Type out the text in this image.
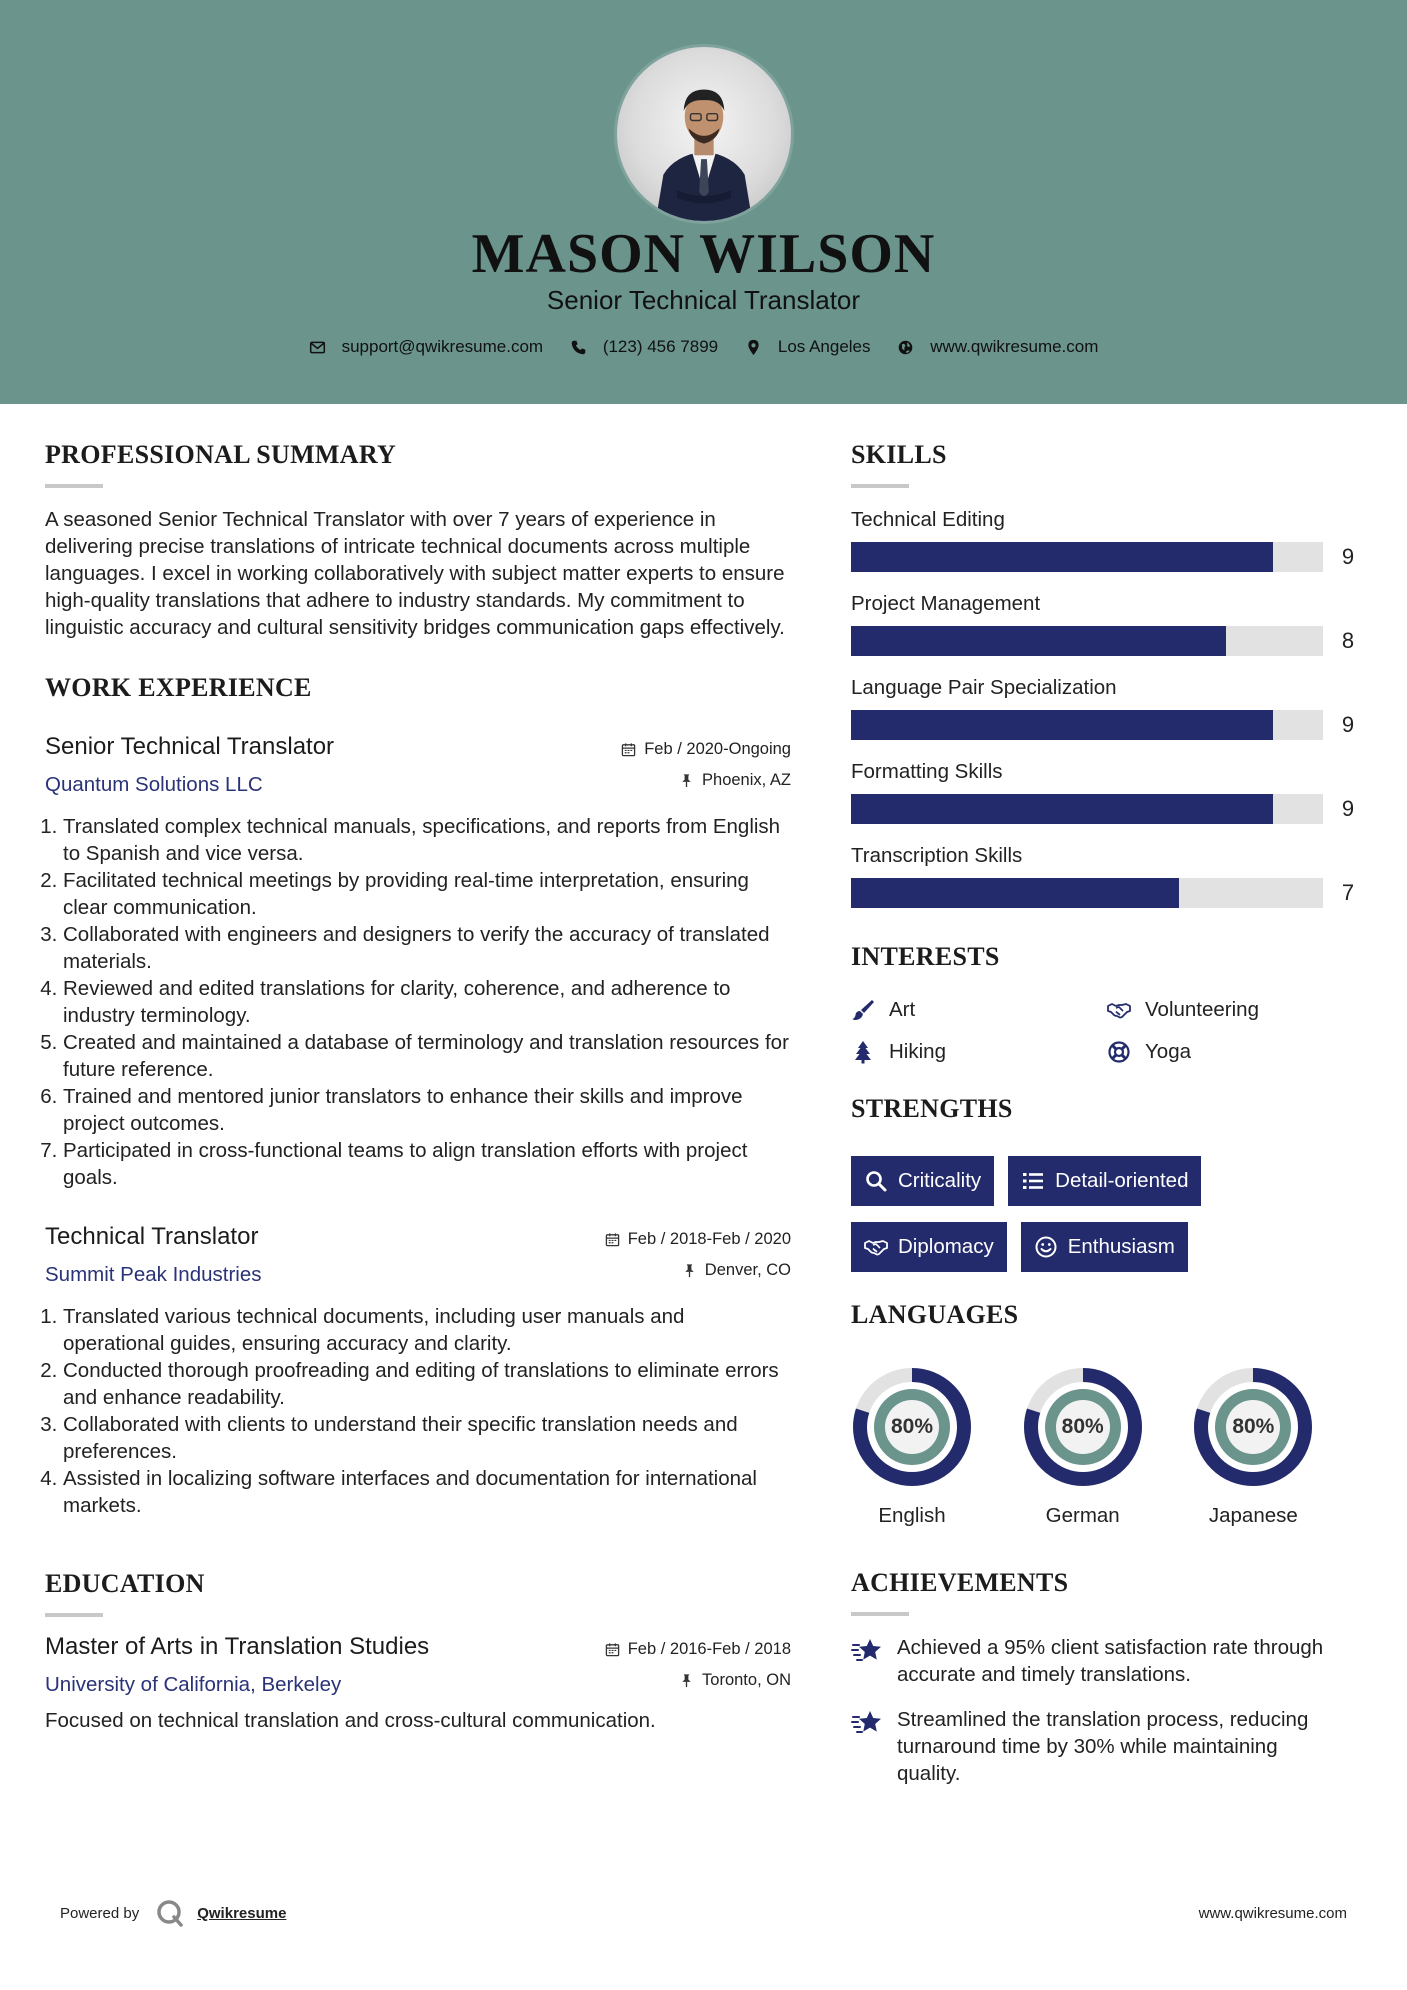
MASON WILSON
Senior Technical Translator
support@qwikresume.com
	(123) 456 7899
	Los Angeles
	www.qwikresume.com
PROFESSIONAL SUMMARY

A seasoned Senior Technical Translator with over 7 years of experience in delivering precise translations of intricate technical documents across multiple languages. I excel in working collaboratively with subject matter experts to ensure high-quality translations that adhere to industry standards. My commitment to linguistic accuracy and cultural sensitivity bridges communication gaps effectively.

WORK EXPERIENCE
Senior Technical Translator
Quantum Solutions LLC
Feb / 2020-Ongoing
Phoenix, AZ
1. Translated complex technical manuals, specifications, and reports from English to Spanish and vice versa.
2. Facilitated technical meetings by providing real-time interpretation, ensuring clear communication.
3. Collaborated with engineers and designers to verify the accuracy of translated materials.
4. Reviewed and edited translations for clarity, coherence, and adherence to industry terminology.
5. Created and maintained a database of terminology and translation resources for future reference.
6. Trained and mentored junior translators to enhance their skills and improve project outcomes.
7. Participated in cross-functional teams to align translation efforts with project goals.
Technical Translator
Summit Peak Industries
Feb / 2018-Feb / 2020
Denver, CO
1. Translated various technical documents, including user manuals and operational guides, ensuring accuracy and clarity.
2. Conducted thorough proofreading and editing of translations to eliminate errors and enhance readability.
3. Collaborated with clients to understand their specific translation needs and preferences.
4. Assisted in localizing software interfaces and documentation for international markets.
EDUCATION
Master of Arts in Translation Studies
University of California, Berkeley
Feb / 2016-Feb / 2018
Toronto, ON

Focused on technical translation and cross-cultural communication.

SKILLS
Technical Editing
9
Project Management
8
Language Pair Specialization
9
Formatting Skills
9
Transcription Skills
7
INTERESTS
Art	Volunteering
Hiking	Yoga
STRENGTHS
Criticality	Detail-oriented
Diplomacy	Enthusiasm
LANGUAGES
80%
English
80%
German
80%
Japanese
ACHIEVEMENTS
Achieved a 95% client satisfaction rate through accurate and timely translations.
Streamlined the translation process, reducing turnaround time by 30% while maintaining quality.
Powered by	Qwikresume	www.qwikresume.com
